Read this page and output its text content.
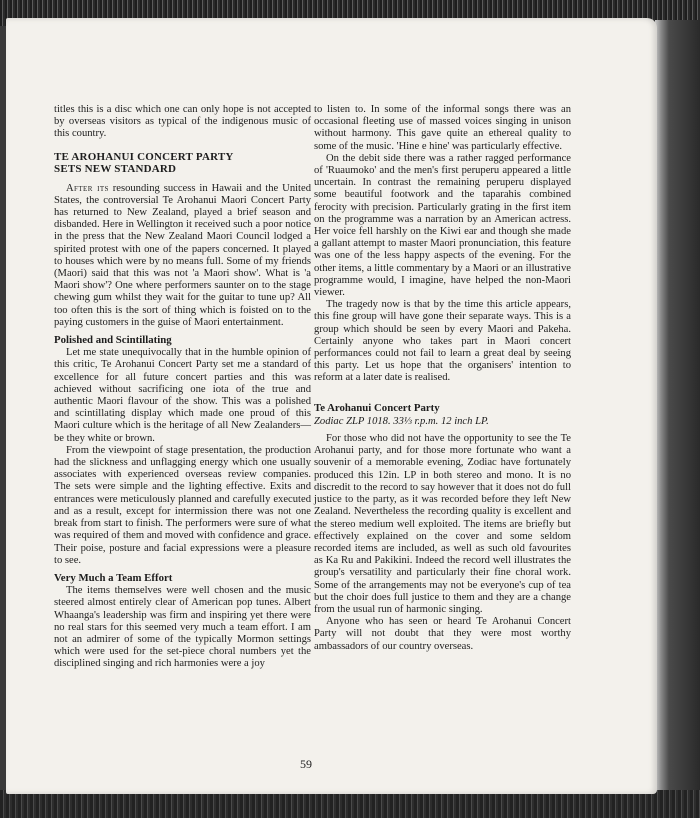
titles this is a disc which one can only hope is not accepted by overseas visitors as typical of the indigenous music of this country.

TE AROHANUI CONCERT PARTY
SETS NEW STANDARD

After its resounding success in Hawaii and the United States, the controversial Te Arohanui Maori Concert Party has returned to New Zealand, played a brief season and disbanded. Here in Wellington it received such a poor notice in the press that the New Zealand Maori Council lodged a spirited protest with one of the papers concerned. It played to houses which were by no means full. Some of my friends (Maori) said that this was not 'a Maori show'. What is 'a Maori show'? One where performers saunter on to the stage chewing gum whilst they wait for the guitar to tune up? All too often this is the sort of thing which is foisted on to the paying customers in the guise of Maori entertainment.

Polished and Scintillating

Let me state unequivocally that in the humble opinion of this critic, Te Arohanui Concert Party set me a standard of excellence for all future concert parties and this was achieved without sacrificing one iota of the true and authentic Maori flavour of the show. This was a polished and scintillating display which made one proud of this Maori culture which is the heritage of all New Zealanders—be they white or brown.

From the viewpoint of stage presentation, the production had the slickness and unflagging energy which one usually associates with experienced overseas review companies. The sets were simple and the lighting effective. Exits and entrances were meticulously planned and carefully executed and as a result, except for intermission there was not one break from start to finish. The performers were sure of what was required of them and moved with confidence and grace. Their poise, posture and facial expressions were a pleasure to see.

Very Much a Team Effort

The items themselves were well chosen and the music steered almost entirely clear of American pop tunes. Albert Whaanga's leadership was firm and inspiring yet there were no real stars for this seemed very much a team effort. I am not an admirer of some of the typically Mormon settings which were used for the set-piece choral numbers yet the disciplined singing and rich harmonies were a joy

to listen to. In some of the informal songs there was an occasional fleeting use of massed voices singing in unison without harmony. This gave quite an ethereal quality to some of the music. 'Hine e hine' was particularly effective.

On the debit side there was a rather ragged performance of 'Ruaumoko' and the men's first peruperu appeared a little uncertain. In contrast the remaining peruperu displayed some beautiful footwork and the taparahis combined ferocity with precision. Particularly grating in the first item on the programme was a narration by an American actress. Her voice fell harshly on the Kiwi ear and though she made a gallant attempt to master Maori pronunciation, this feature was one of the less happy aspects of the evening. For the other items, a little commentary by a Maori or an illustrative programme would, I imagine, have helped the non-Maori viewer.

The tragedy now is that by the time this article appears, this fine group will have gone their separate ways. This is a group which should be seen by every Maori and Pakeha. Certainly anyone who takes part in Maori concert performances could not fail to learn a great deal by seeing this party. Let us hope that the organisers' intention to reform at a later date is realised.

Te Arohanui Concert Party
Zodiac ZLP 1018. 33⅓ r.p.m. 12 inch LP.

For those who did not have the opportunity to see the Te Arohanui party, and for those more fortunate who want a souvenir of a memorable evening, Zodiac have fortunately produced this 12in. LP in both stereo and mono. It is no discredit to the record to say however that it does not do full justice to the party, as it was recorded before they left New Zealand. Nevertheless the recording quality is excellent and the stereo medium well exploited. The items are briefly but effectively explained on the cover and some seldom recorded items are included, as well as such old favourites as Ka Ru and Pakikini. Indeed the record well illustrates the group's versatility and particularly their fine choral work. Some of the arrangements may not be everyone's cup of tea but the choir does full justice to them and they are a change from the usual run of harmonic singing.

Anyone who has seen or heard Te Arohanui Concert Party will not doubt that they were most worthy ambassadors of our country overseas.

59
